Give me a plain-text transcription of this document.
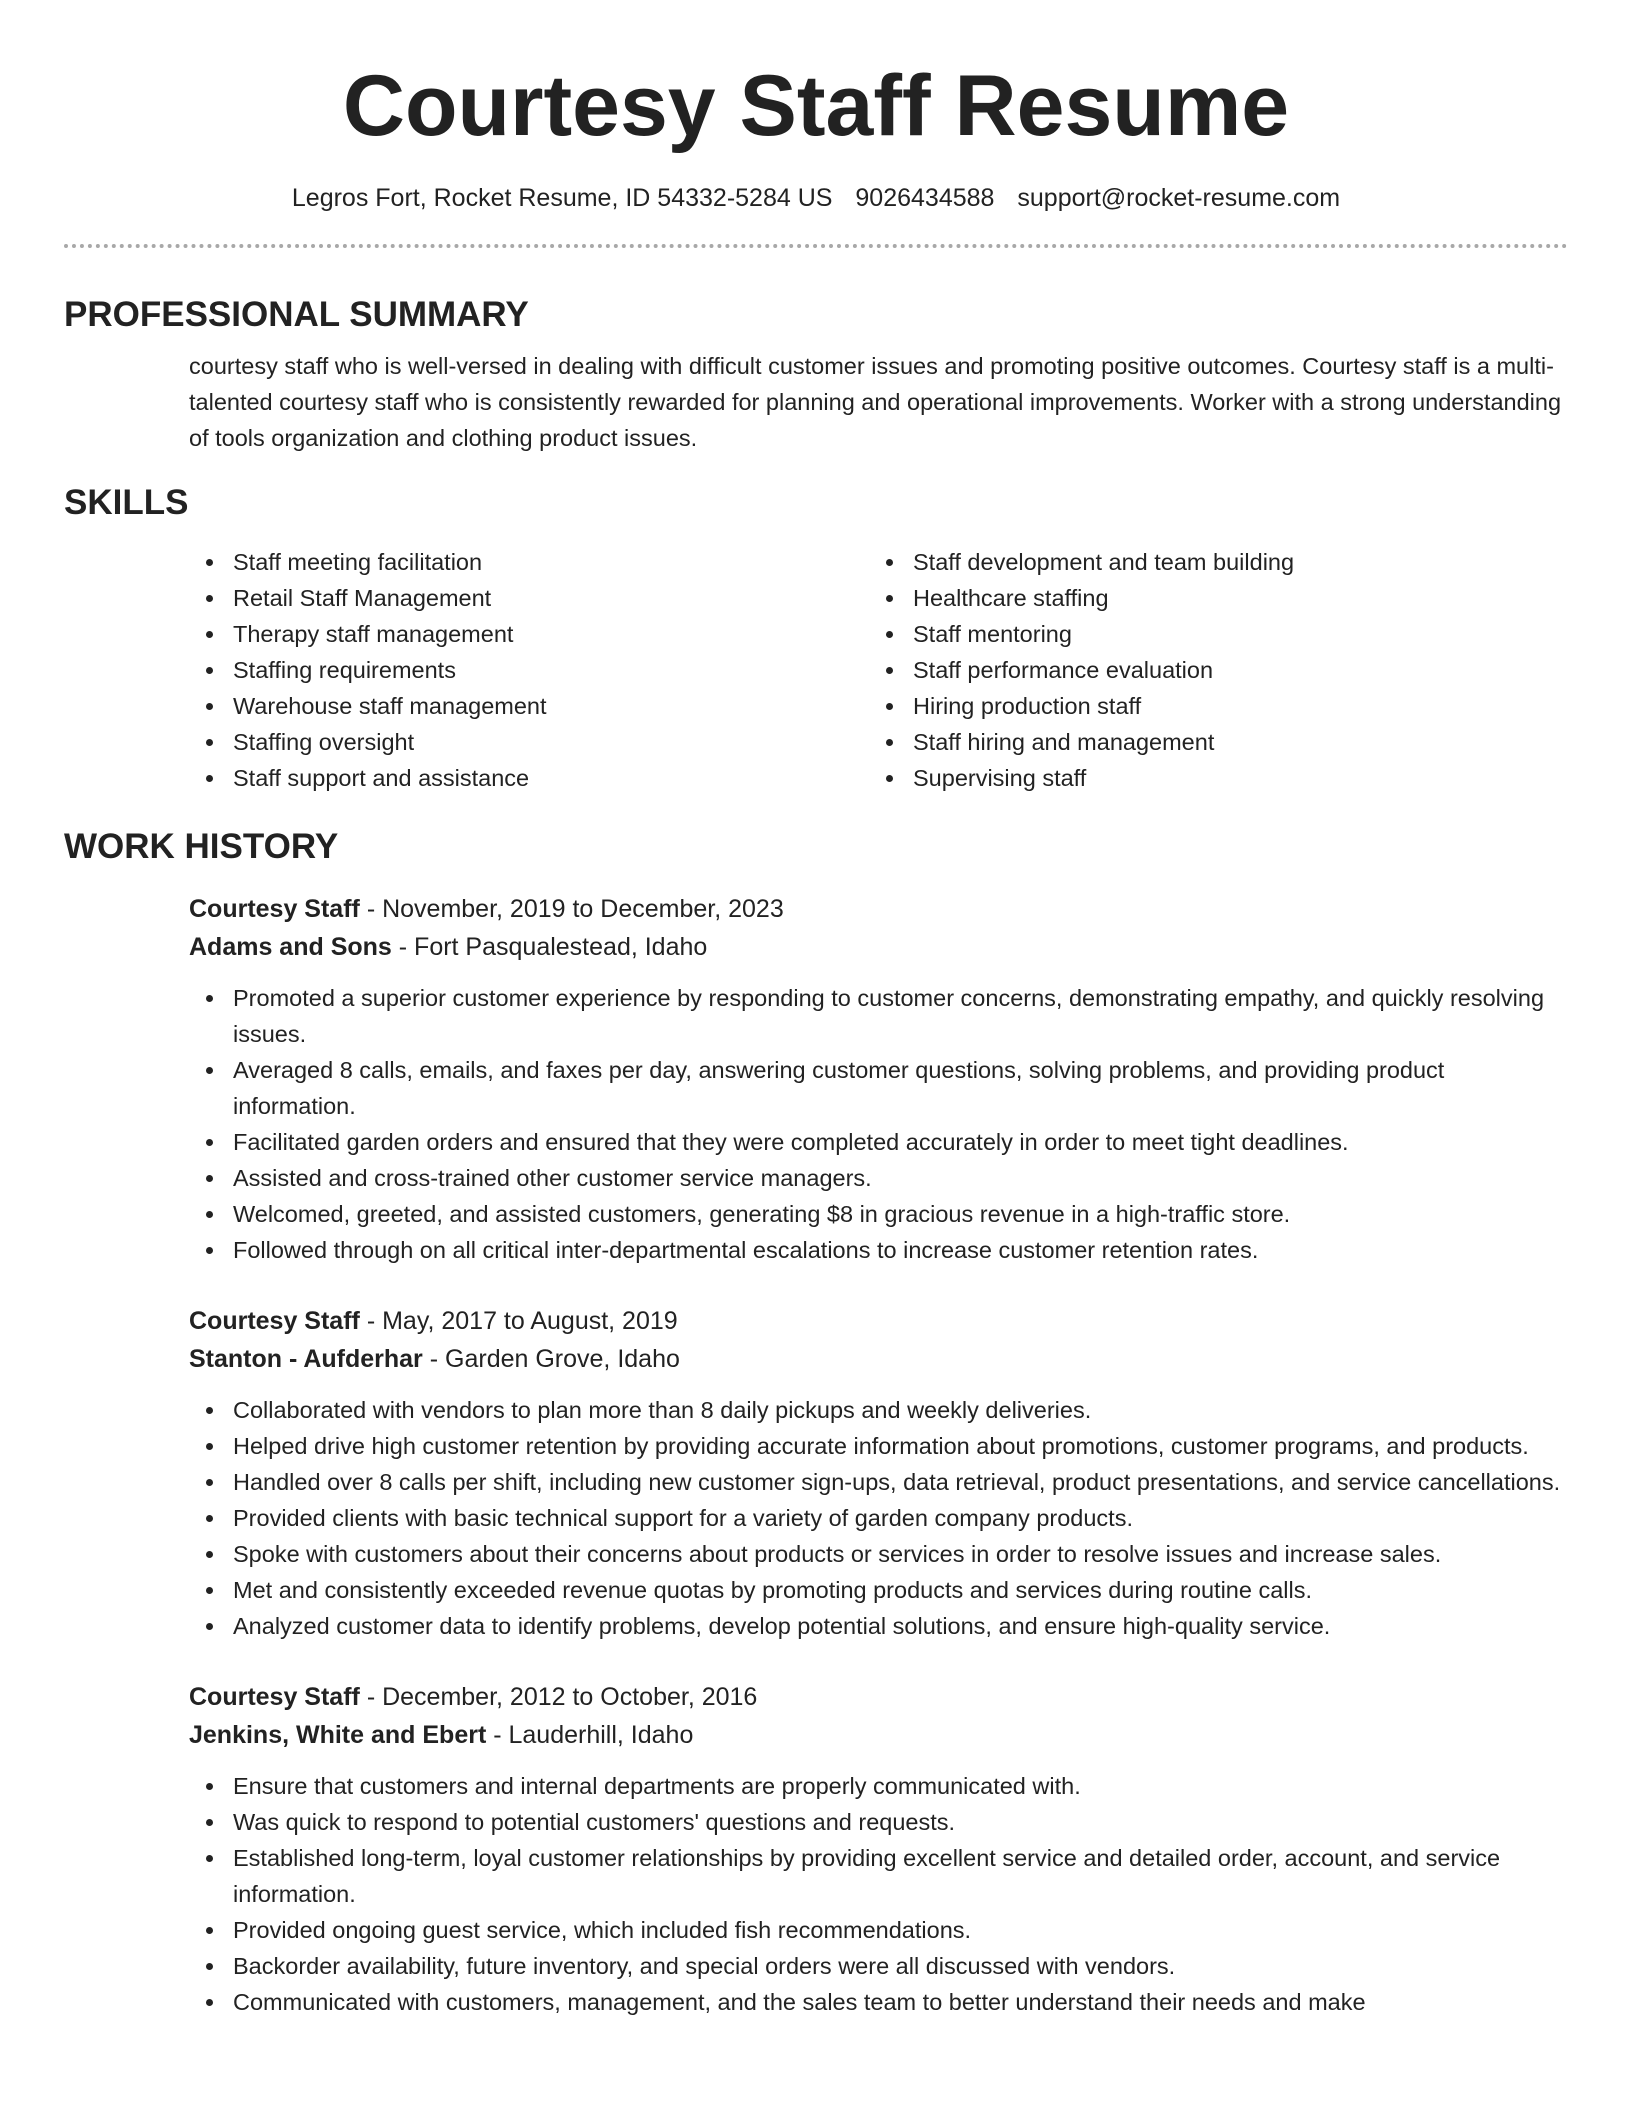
Courtesy Staff Resume
Legros Fort, Rocket Resume, ID 54332-5284 US 9026434588 support@rocket-resume.com
PROFESSIONAL SUMMARY
courtesy staff who is well-versed in dealing with difficult customer issues and promoting positive outcomes. Courtesy staff is a multi-talented courtesy staff who is consistently rewarded for planning and operational improvements. Worker with a strong understanding of tools organization and clothing product issues.
SKILLS
Staff meeting facilitation
Retail Staff Management
Therapy staff management
Staffing requirements
Warehouse staff management
Staffing oversight
Staff support and assistance
Staff development and team building
Healthcare staffing
Staff mentoring
Staff performance evaluation
Hiring production staff
Staff hiring and management
Supervising staff
WORK HISTORY
Courtesy Staff - November, 2019 to December, 2023
Adams and Sons - Fort Pasqualestead, Idaho
Promoted a superior customer experience by responding to customer concerns, demonstrating empathy, and quickly resolving issues.
Averaged 8 calls, emails, and faxes per day, answering customer questions, solving problems, and providing product information.
Facilitated garden orders and ensured that they were completed accurately in order to meet tight deadlines.
Assisted and cross-trained other customer service managers.
Welcomed, greeted, and assisted customers, generating $8 in gracious revenue in a high-traffic store.
Followed through on all critical inter-departmental escalations to increase customer retention rates.
Courtesy Staff - May, 2017 to August, 2019
Stanton - Aufderhar - Garden Grove, Idaho
Collaborated with vendors to plan more than 8 daily pickups and weekly deliveries.
Helped drive high customer retention by providing accurate information about promotions, customer programs, and products.
Handled over 8 calls per shift, including new customer sign-ups, data retrieval, product presentations, and service cancellations.
Provided clients with basic technical support for a variety of garden company products.
Spoke with customers about their concerns about products or services in order to resolve issues and increase sales.
Met and consistently exceeded revenue quotas by promoting products and services during routine calls.
Analyzed customer data to identify problems, develop potential solutions, and ensure high-quality service.
Courtesy Staff - December, 2012 to October, 2016
Jenkins, White and Ebert - Lauderhill, Idaho
Ensure that customers and internal departments are properly communicated with.
Was quick to respond to potential customers' questions and requests.
Established long-term, loyal customer relationships by providing excellent service and detailed order, account, and service information.
Provided ongoing guest service, which included fish recommendations.
Backorder availability, future inventory, and special orders were all discussed with vendors.
Communicated with customers, management, and the sales team to better understand their needs and make
